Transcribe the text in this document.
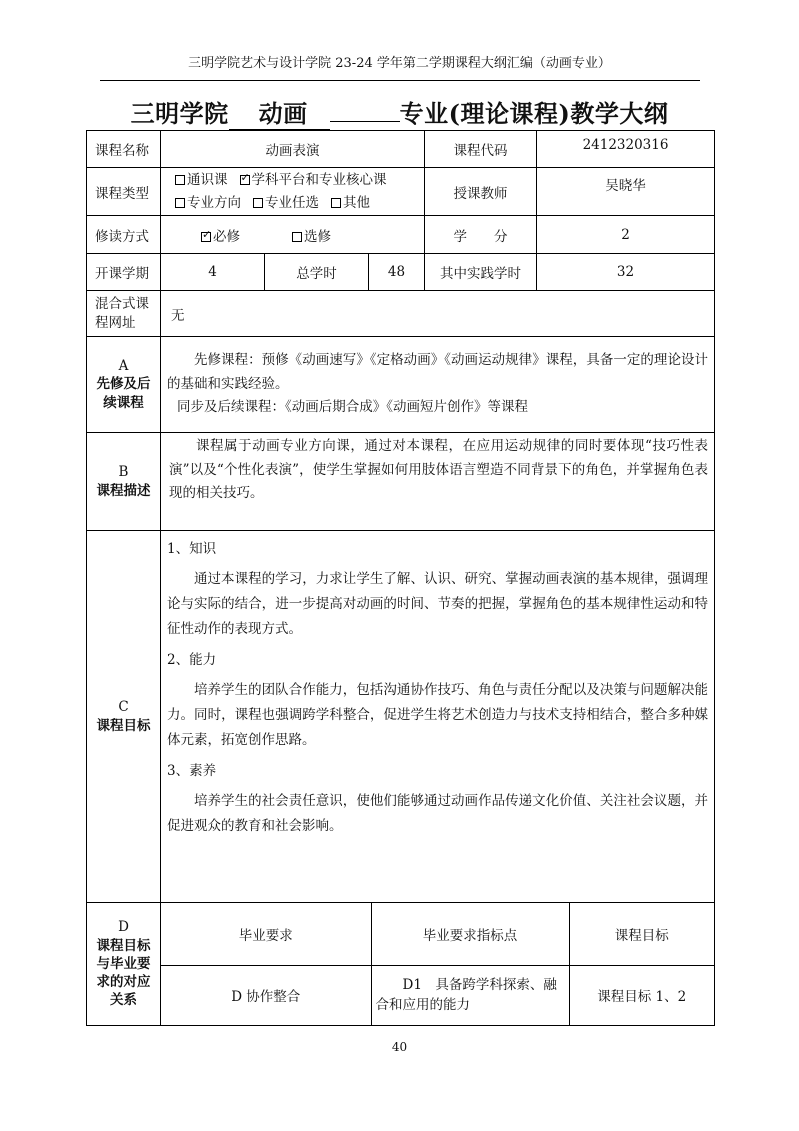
三明学院艺术与设计学院 23-24 学年第二学期课程大纲汇编（动画专业）
三明学院 动画	专业(理论课程)教学大纲
课程名称	动画表演	课程代码	2412320316
课程类型	
通识课✓ 学科平台和专业核心课
专业方向 专业任选 其他
	授课教师	吴晓华
修读方式	✓必修	选修	学　　分	2
开课学期	4	总学时	48	其中实践学时	32
混合式课程网址	无

A
先修及后续课程	
先修课程：预修《动画速写》《定格动画》《动画运动规律》课程，具备一定的理论设计的基础和实践经验。
同步及后续课程：《动画后期合成》《动画短片创作》等课程

B
课程描述	
课程属于动画专业方向课，通过对本课程，在应用运动规律的同时要体现“技巧性表演”以及“个性化表演”，使学生掌握如何用肢体语言塑造不同背景下的角色，并掌握角色表现的相关技巧。

C
课程目标	
1、知识
通过本课程的学习，力求让学生了解、认识、研究、掌握动画表演的基本规律，强调理论与实际的结合，进一步提高对动画的时间、节奏的把握，掌握角色的基本规律性运动和特征性动作的表现方式。
2、能力
培养学生的团队合作能力，包括沟通协作技巧、角色与责任分配以及决策与问题解决能力。同时，课程也强调跨学科整合，促进学生将艺术创造力与技术支持相结合，整合多种媒体元素，拓宽创作思路。
3、素养
培养学生的社会责任意识，使他们能够通过动画作品传递文化价值、关注社会议题，并促进观众的教育和社会影响。

D
课程目标与毕业要求的对应关系	
毕业要求	毕业要求指标点	课程目标
D 协作整合	
D1　具备跨学科探索、融合和应用的能力	课程目标 1、2
40
